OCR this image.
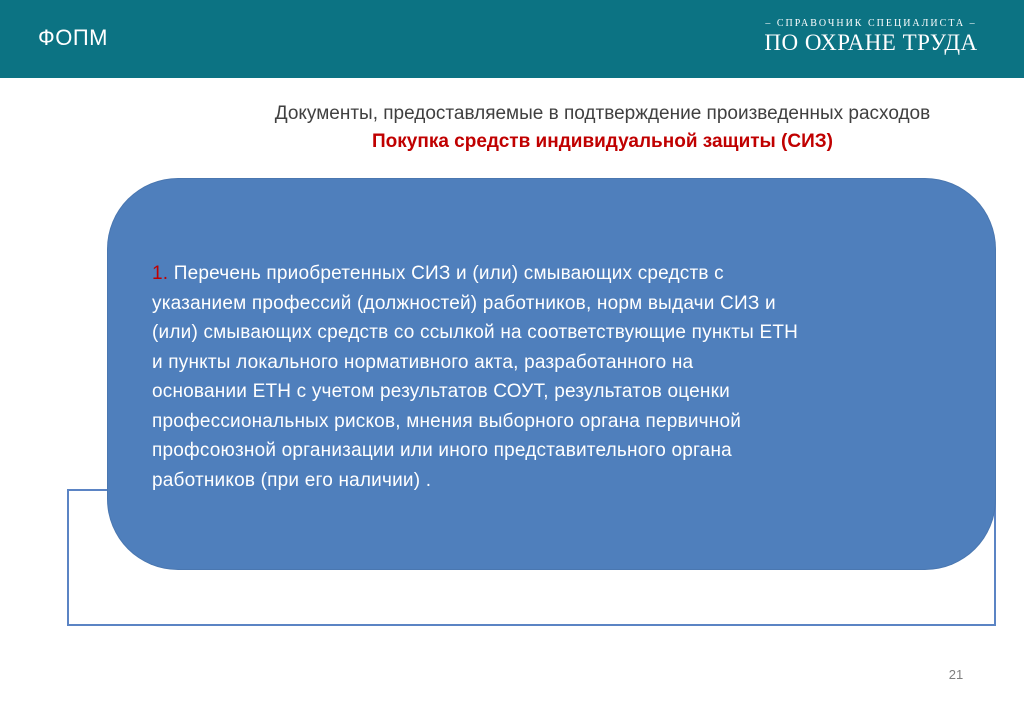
ФОПМ
– СПРАВОЧНИК СПЕЦИАЛИСТА –
ПО ОХРАНЕ ТРУДА
Документы, предоставляемые в подтверждение произведенных расходов
Покупка средств индивидуальной защиты (СИЗ)
1. Перечень приобретенных СИЗ и (или) смывающих средств с
указанием профессий (должностей) работников, норм выдачи СИЗ и
(или) смывающих средств со ссылкой на соответствующие пункты ЕТН
и пункты локального нормативного акта, разработанного на
основании ЕТН с учетом результатов СОУТ, результатов оценки
профессиональных рисков, мнения выборного органа первичной
профсоюзной организации или иного представительного органа
работников (при его наличии) .
21
